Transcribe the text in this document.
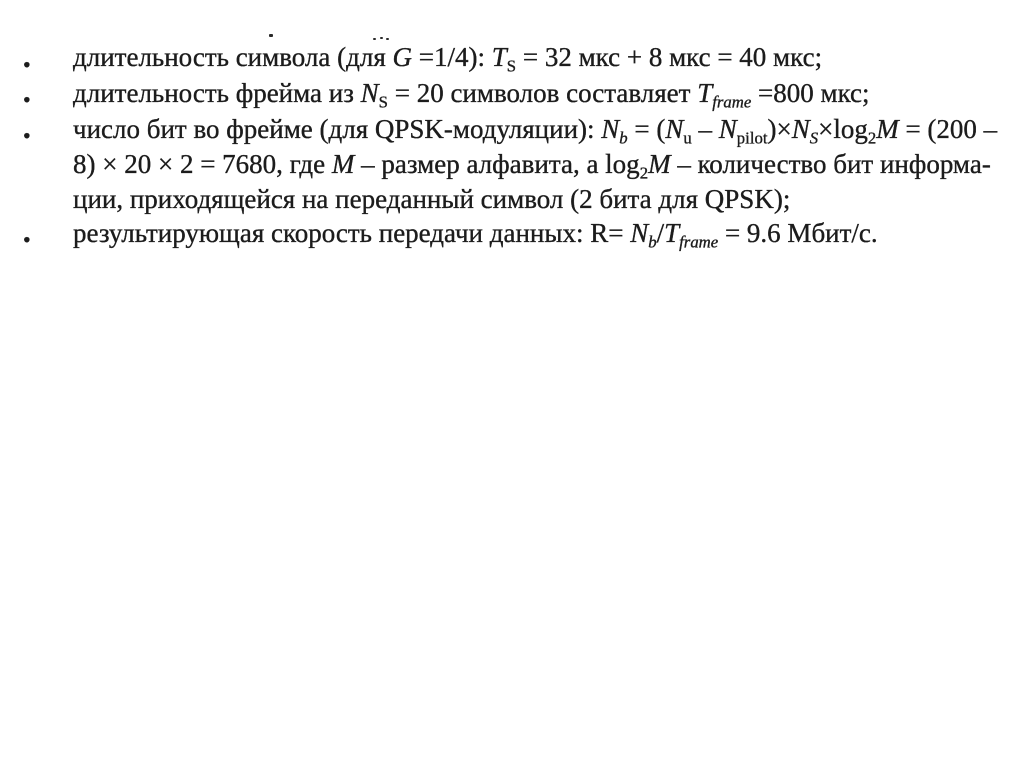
• длительность символа (для G =1/4): $T_S = 32$ мкс + 8 мкс = 40 мкс;
• длительность фрейма из $N_S = 20$ символов составляет $T_{frame} =800$ мкс;
• число бит во фрейме (для QPSK-модуляции): $N_b = (N_u - N_{pilot})\times N_S\times\log_2M = (200$ –
8) × 20 × 2 = 7680, где M – размер алфавита, а $\log_2M$ – количество бит информа-
ции, приходящейся на переданный символ (2 бита для QPSK);
• результирующая скорость передачи данных: $R= N_b/T_{frame} = 9.6$ Мбит/с.
